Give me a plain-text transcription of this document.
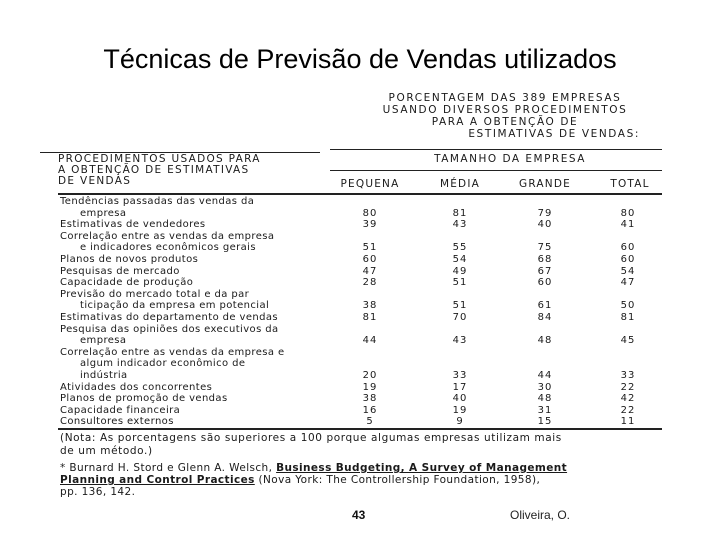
Técnicas de Previsão de Vendas utilizados
PORCENTAGEM DAS 389 EMPRESAS
USANDO DIVERSOS PROCEDIMENTOS
PARA A OBTENÇÃO DE
ESTIMATIVAS DE VENDAS:
TAMANHO DA EMPRESA
PROCEDIMENTOS USADOS PARA
A OBTENÇÃO DE ESTIMATIVAS
DE VENDAS	PEQUENA	MÉDIA	GRANDE	TOTAL
Tendências passadas das vendas da
empresa	80	81	79	80
Estimativas de vendedores	39	43	40	41
Correlação entre as vendas da empresa
e indicadores econômicos gerais	51	55	75	60
Planos de novos produtos	60	54	68	60
Pesquisas de mercado	47	49	67	54
Capacidade de produção	28	51	60	47
Previsão do mercado total e da par
ticipação da empresa em potencial	38	51	61	50
Estimativas do departamento de vendas	81	70	84	81
Pesquisa das opiniões dos executivos da
empresa	44	43	48	45
Correlação entre as vendas da empresa e
algum indicador econômico de
indústria	20	33	44	33
Atividades dos concorrentes	19	17	30	22
Planos de promoção de vendas	38	40	48	42
Capacidade financeira	16	19	31	22
Consultores externos	5	9	15	11
(Nota: As porcentagens são superiores a 100 porque algumas empresas utilizam mais
de um método.)
* Burnard H. Stord e Glenn A. Welsch, Business Budgeting, A Survey of Management
Planning and Control Practices (Nova York: The Controllership Foundation, 1958),
pp. 136, 142.
43	Oliveira, O.
